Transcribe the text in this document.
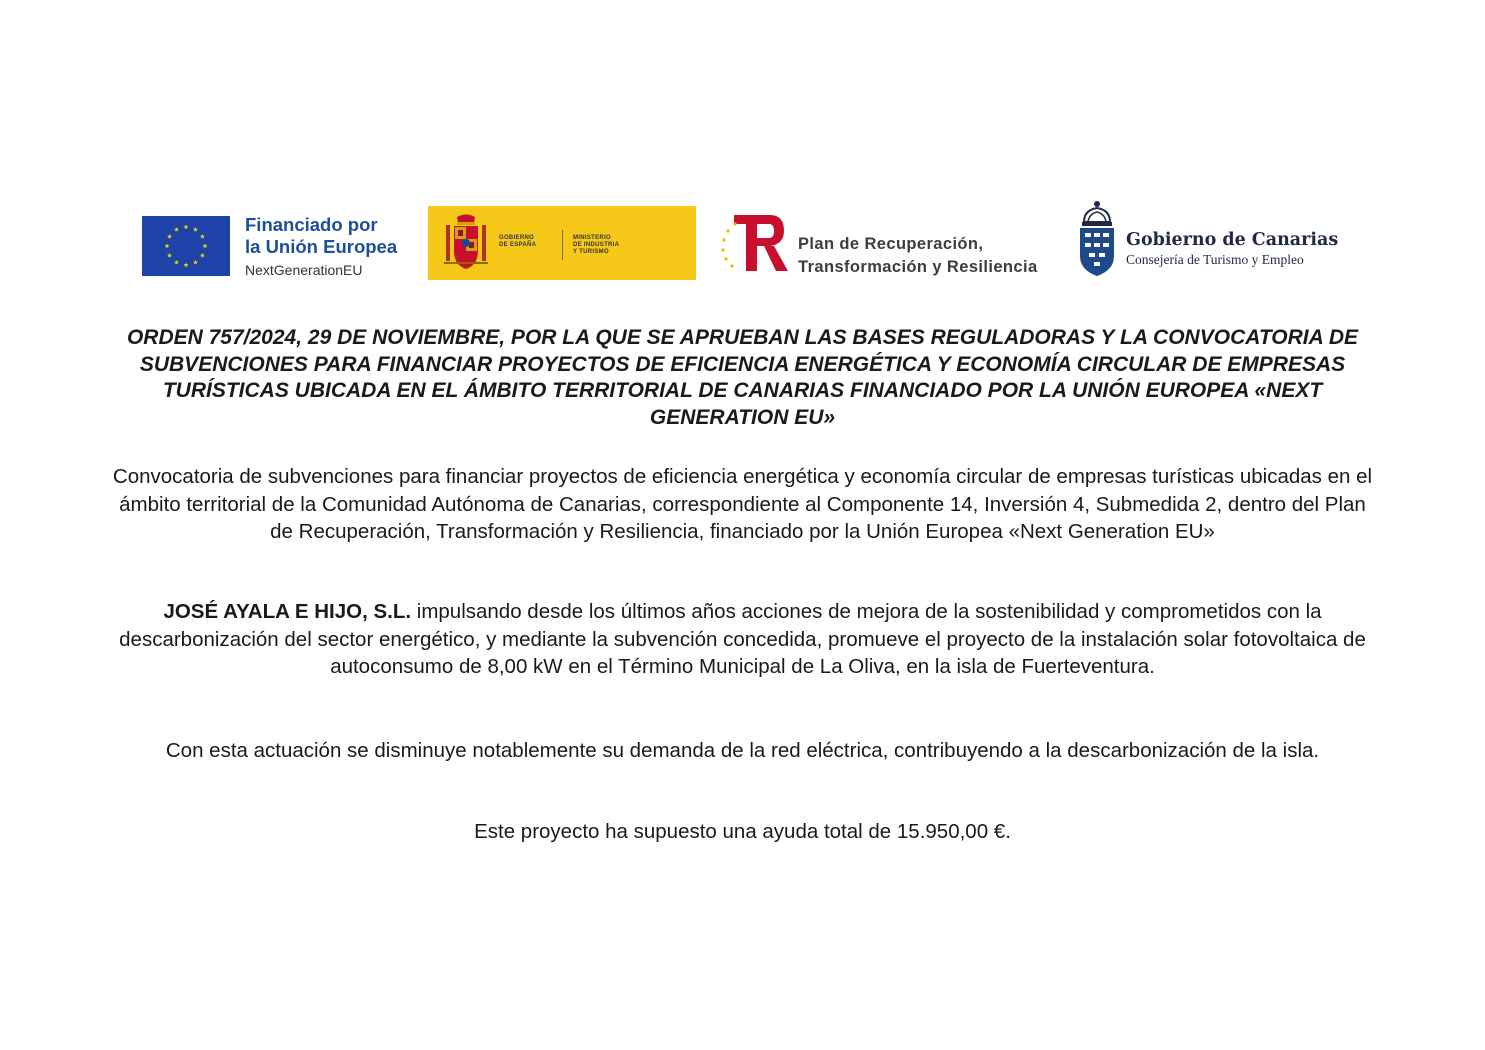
Financiado por
la Unión Europea
NextGenerationEU
GOBIERNO
DE ESPAÑA
MINISTERIO
DE INDUSTRIA
Y TURISMO	Plan de Recuperación,
Transformación y Resiliencia
Gobierno de Canarias
Consejería de Turismo y Empleo

ORDEN 757/2024, 29 DE NOVIEMBRE, POR LA QUE SE APRUEBAN LAS BASES REGULADORAS Y LA CONVOCATORIA DE SUBVENCIONES PARA FINANCIAR PROYECTOS DE EFICIENCIA ENERGÉTICA Y ECONOMÍA CIRCULAR DE EMPRESAS TURÍSTICAS UBICADA EN EL ÁMBITO TERRITORIAL DE CANARIAS FINANCIADO POR LA UNIÓN EUROPEA «NEXT GENERATION EU»

Convocatoria de subvenciones para financiar proyectos de eficiencia energética y economía circular de empresas turísticas ubicadas en el ámbito territorial de la Comunidad Autónoma de Canarias, correspondiente al Componente 14, Inversión 4, Submedida 2, dentro del Plan de Recuperación, Transformación y Resiliencia, financiado por la Unión Europea «Next Generation EU»

JOSÉ AYALA E HIJO, S.L. impulsando desde los últimos años acciones de mejora de la sostenibilidad y comprometidos con la descarbonización del sector energético, y mediante la subvención concedida, promueve el proyecto de la instalación solar fotovoltaica de autoconsumo de 8,00 kW en el Término Municipal de La Oliva, en la isla de Fuerteventura.

Con esta actuación se disminuye notablemente su demanda de la red eléctrica, contribuyendo a la descarbonización de la isla.

Este proyecto ha supuesto una ayuda total de 15.950,00 €.
